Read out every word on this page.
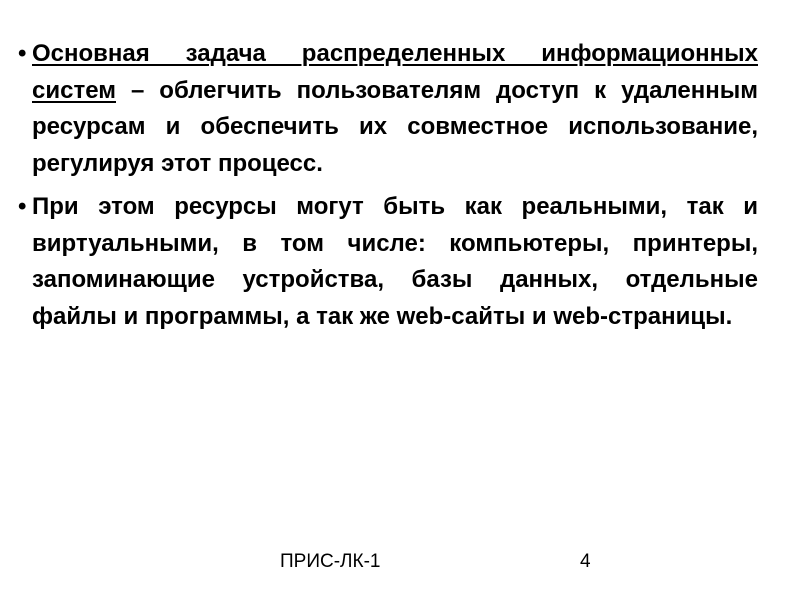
• Основная задача распределенных информационных систем – облегчить пользователям доступ к удаленным ресурсам и обеспечить их совместное использование, регулируя этот процесс.

• При этом ресурсы могут быть как реальными, так и виртуальными, в том числе: компьютеры, принтеры, запоминающие устройства, базы данных, отдельные файлы и программы, а так же web-сайты и web-страницы.

ПРИС-ЛК-1	4
